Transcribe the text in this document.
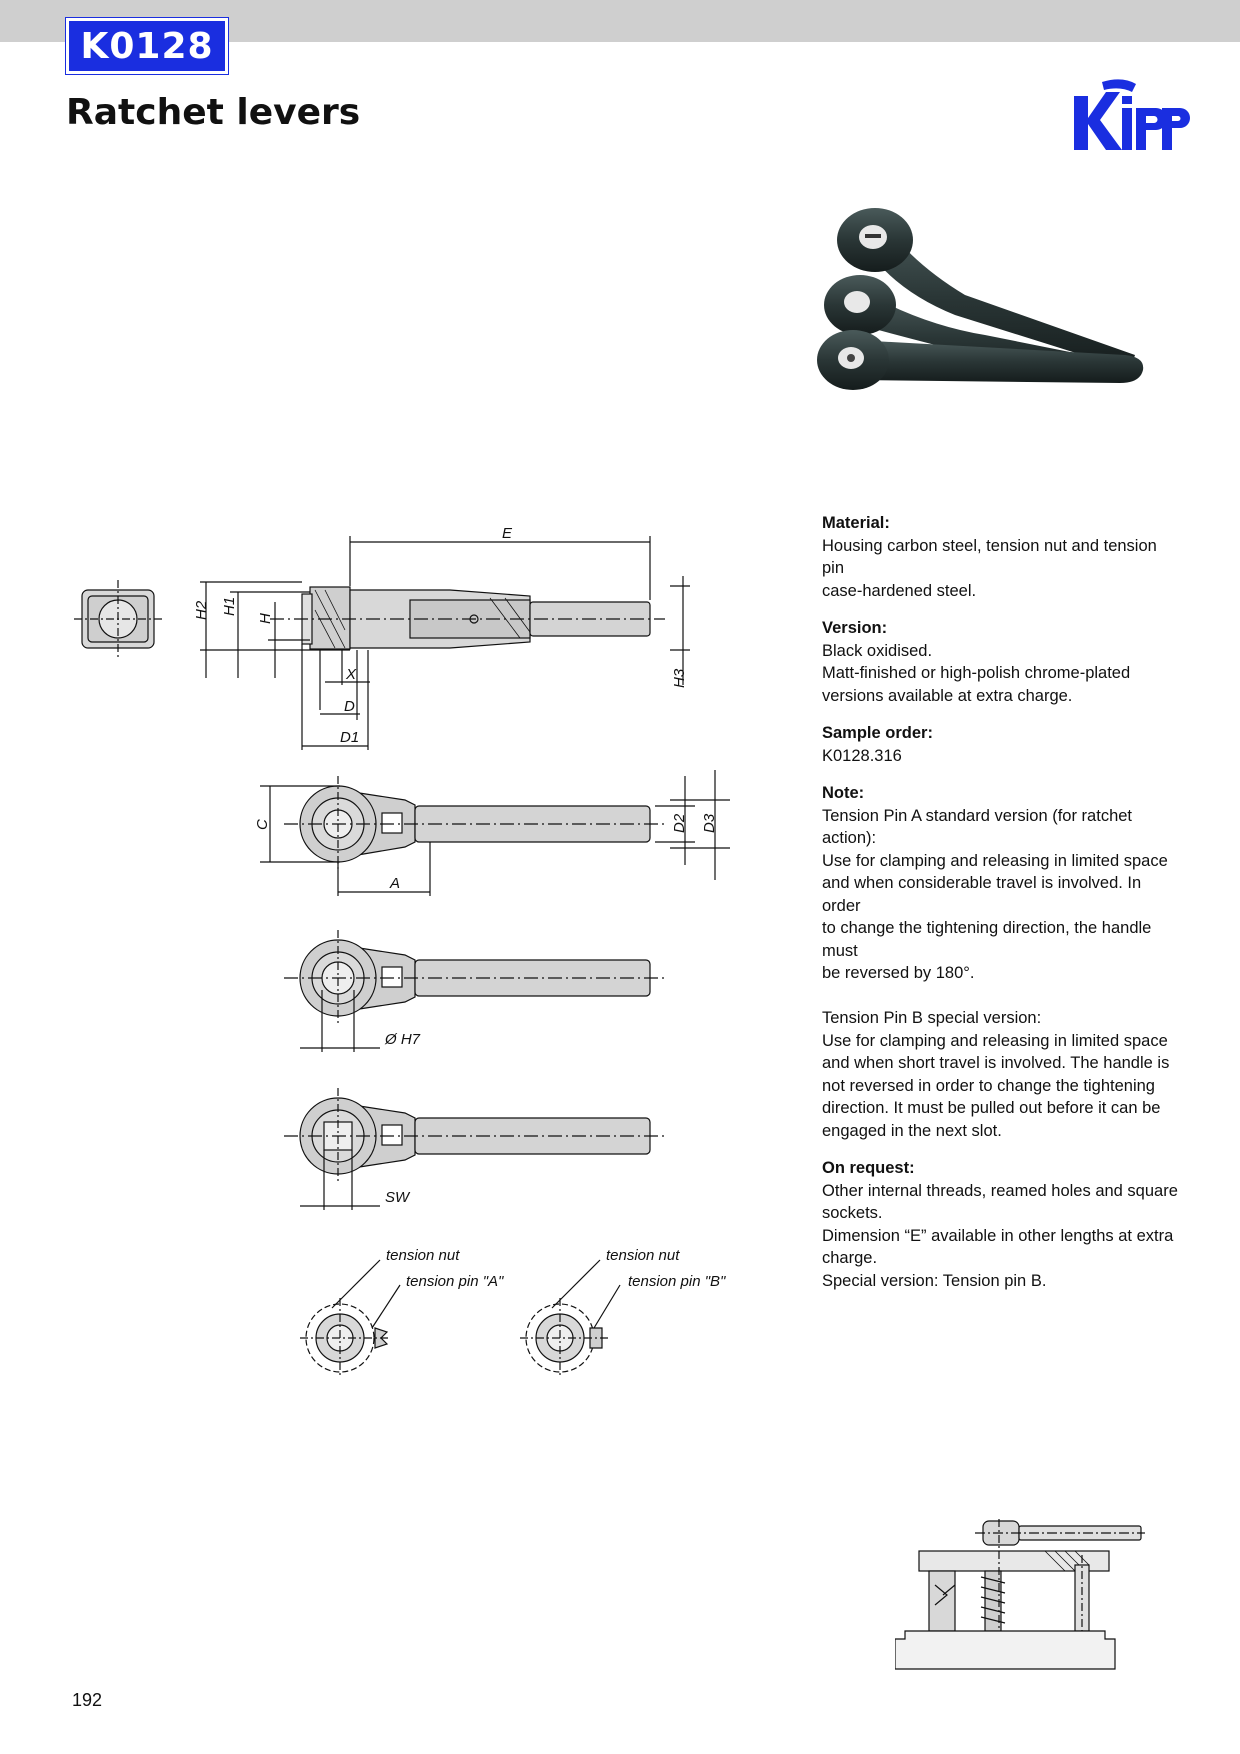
K0128
Ratchet levers
E
H2 H1
H
H3
X
D
D1
C	D2 D3
A
Ø H7
SW
tension nut
tension pin "A"
tension nut
tension pin "B"
Material:
Housing carbon steel, tension nut and tension pin
case-hardened steel.
Version:
Black oxidised.
Matt-finished or high-polish chrome-plated
versions available at extra charge.
Sample order:
K0128.316
Note:
Tension Pin A standard version (for ratchet action):
Use for clamping and releasing in limited space
and when considerable travel is involved. In order
to change the tightening direction, the handle must
be reversed by 180°.
Tension Pin B special version:
Use for clamping and releasing in limited space
and when short travel is involved. The handle is
not reversed in order to change the tightening
direction. It must be pulled out before it can be
engaged in the next slot.
On request:
Other internal threads, reamed holes and square
sockets.
Dimension “E” available in other lengths at extra
charge.
Special version: Tension pin B.
192
